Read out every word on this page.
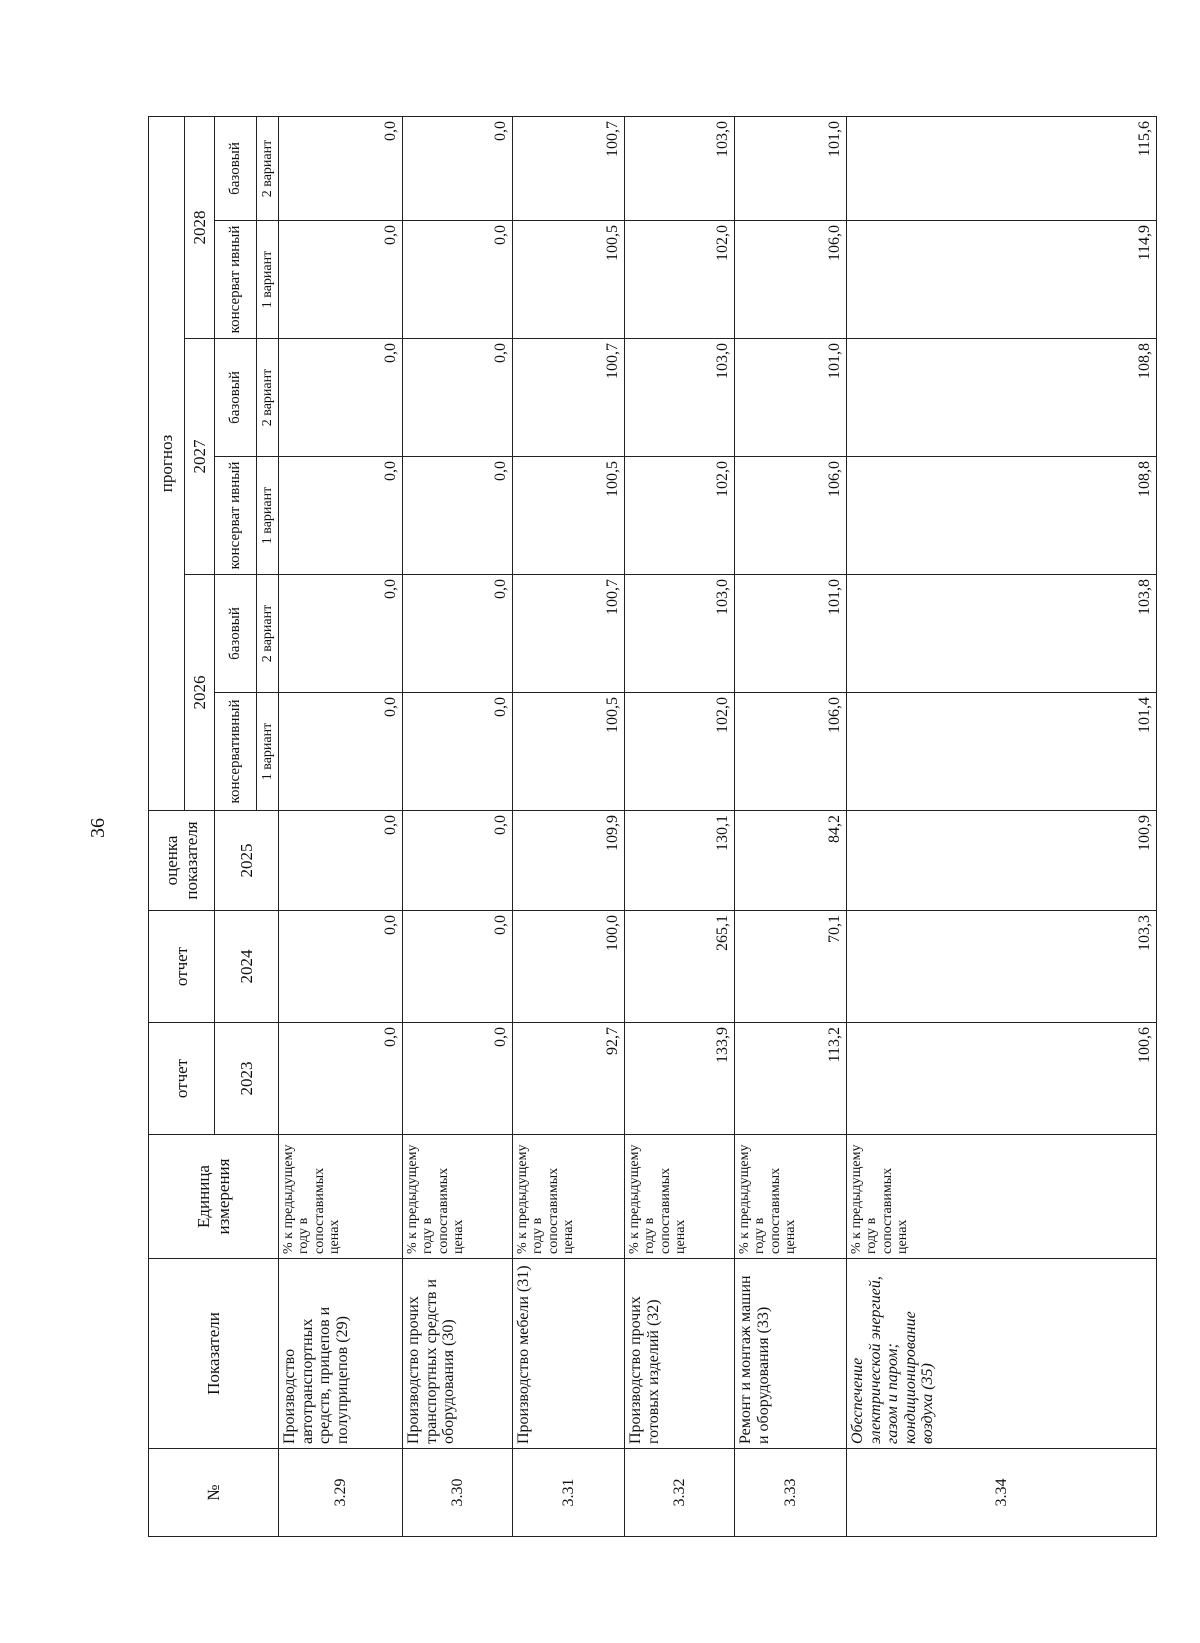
36
№	Показатели	Единица измерения	отчет	отчет	оценка показателя	прогноз					
						2026		2027		2028	
			2023	2024	2025	консервативный	базовый	консерват ивный	базовый	консерват ивный	базовый
						1 вариант	2 вариант	1 вариант	2 вариант	1 вариант	2 вариант
3.29	Производство автотранспортных средств, прицепов и полуприцепов (29)	% к предыдущему году в сопоставимых ценах	0,0	0,0	0,0	0,0	0,0	0,0	0,0	0,0	0,0
3.30	Производство прочих транспортных средств и оборудования (30)	% к предыдущему году в сопоставимых ценах	0,0	0,0	0,0	0,0	0,0	0,0	0,0	0,0	0,0
3.31	Производство мебели (31)	% к предыдущему году в сопоставимых ценах	92,7	100,0	109,9	100,5	100,7	100,5	100,7	100,5	100,7
3.32	Производство прочих готовых изделий (32)	% к предыдущему году в сопоставимых ценах	133,9	265,1	130,1	102,0	103,0	102,0	103,0	102,0	103,0
3.33	Ремонт и монтаж машин и оборудования (33)	% к предыдущему году в сопоставимых ценах	113,2	70,1	84,2	106,0	101,0	106,0	101,0	106,0	101,0
3.34	Обеспечение электрической энергией, газом и паром; кондиционирование воздуха (35)	% к предыдущему году в сопоставимых ценах	100,6	103,3	100,9	101,4	103,8	108,8	108,8	114,9	115,6
